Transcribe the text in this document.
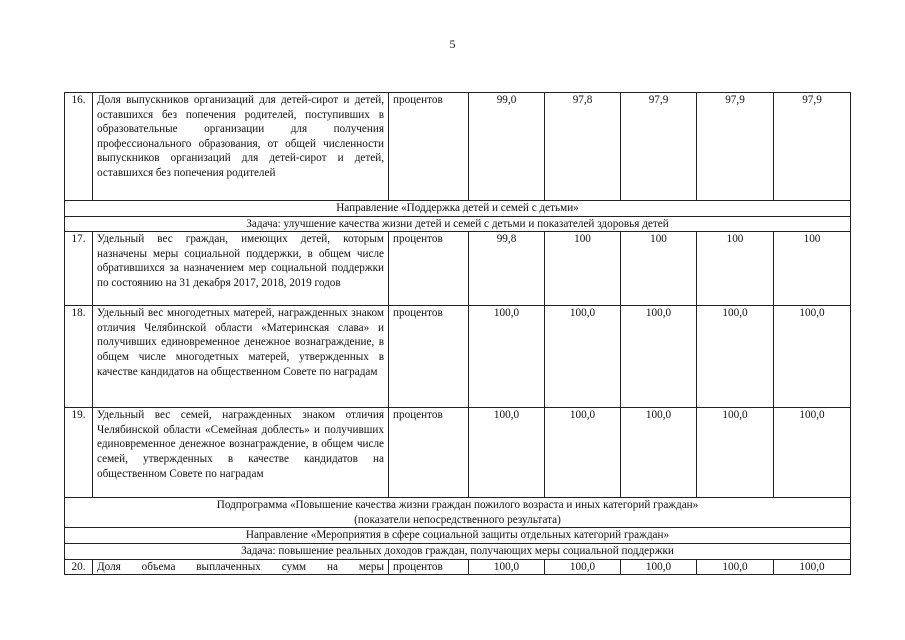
5
16.	Доля выпускников организаций для детей-сирот и детей, оставшихся без попечения родителей, поступивших в образовательные организации для получения профессионального образования, от общей численности выпускников организаций для детей-сирот и детей, оставшихся без попечения родителей	процентов	99,0	97,8	97,9	97,9	97,9
Направление «Поддержка детей и семей с детьми»							
Задача: улучшение качества жизни детей и семей с детьми и показателей здоровья детей							
17.	Удельный вес граждан, имеющих детей, которым назначены меры социальной поддержки, в общем числе обратившихся за назначением мер социальной поддержки по состоянию на 31 декабря 2017, 2018, 2019 годов	процентов	99,8	100	100	100	100
18.	Удельный вес многодетных матерей, награжденных знаком отличия Челябинской области «Материнская слава» и получивших единовременное денежное вознаграждение, в общем числе многодетных матерей, утвержденных в качестве кандидатов на общественном Совете по наградам	процентов	100,0	100,0	100,0	100,0	100,0
19.	Удельный вес семей, награжденных знаком отличия Челябинской области «Семейная доблесть» и получивших единовременное денежное вознаграждение, в общем числе семей, утвержденных в качестве кандидатов на общественном Совете по наградам	процентов	100,0	100,0	100,0	100,0	100,0

Подпрограмма «Повышение качества жизни граждан пожилого возраста и иных категорий граждан»
(показатели непосредственного результата)							

Направление «Мероприятия в сфере социальной защиты отдельных категорий граждан»							
Задача: повышение реальных доходов граждан, получающих меры социальной поддержки							
20.	Доля объема выплаченных сумм на меры	процентов	100,0	100,0	100,0	100,0	100,0
